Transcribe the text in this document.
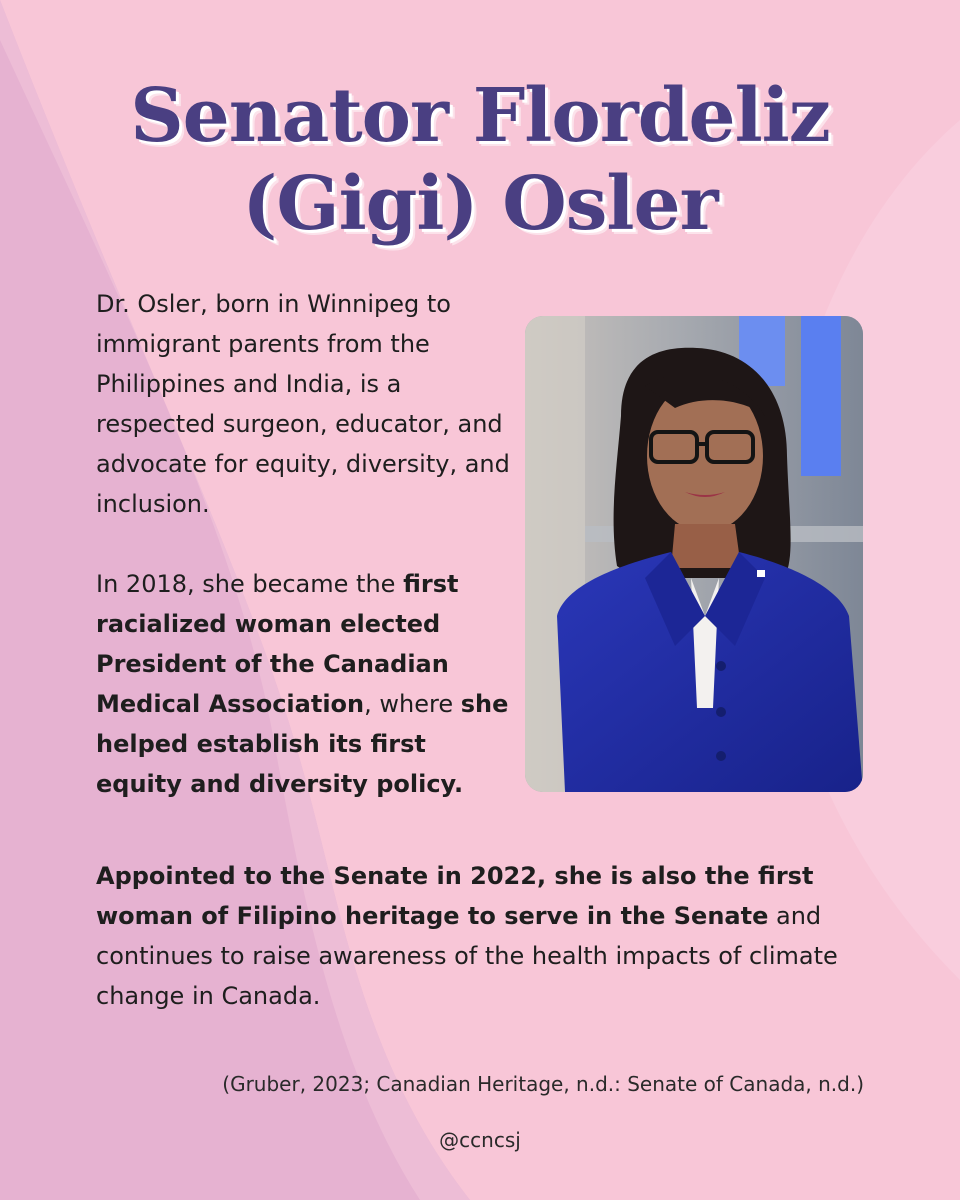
Senator Flordeliz
(Gigi) Osler

Dr. Osler, born in Winnipeg to immigrant parents from the Philippines and India, is a respected surgeon, educator, and advocate for equity, diversity, and inclusion.

In 2018, she became the first racialized woman elected President of the Canadian Medical Association, where she helped establish its first equity and diversity policy.

Appointed to the Senate in 2022, she is also the first woman of Filipino heritage to serve in the Senate and continues to raise awareness of the health impacts of climate change in Canada.

(Gruber, 2023; Canadian Heritage, n.d.: Senate of Canada, n.d.)

@ccncsj
